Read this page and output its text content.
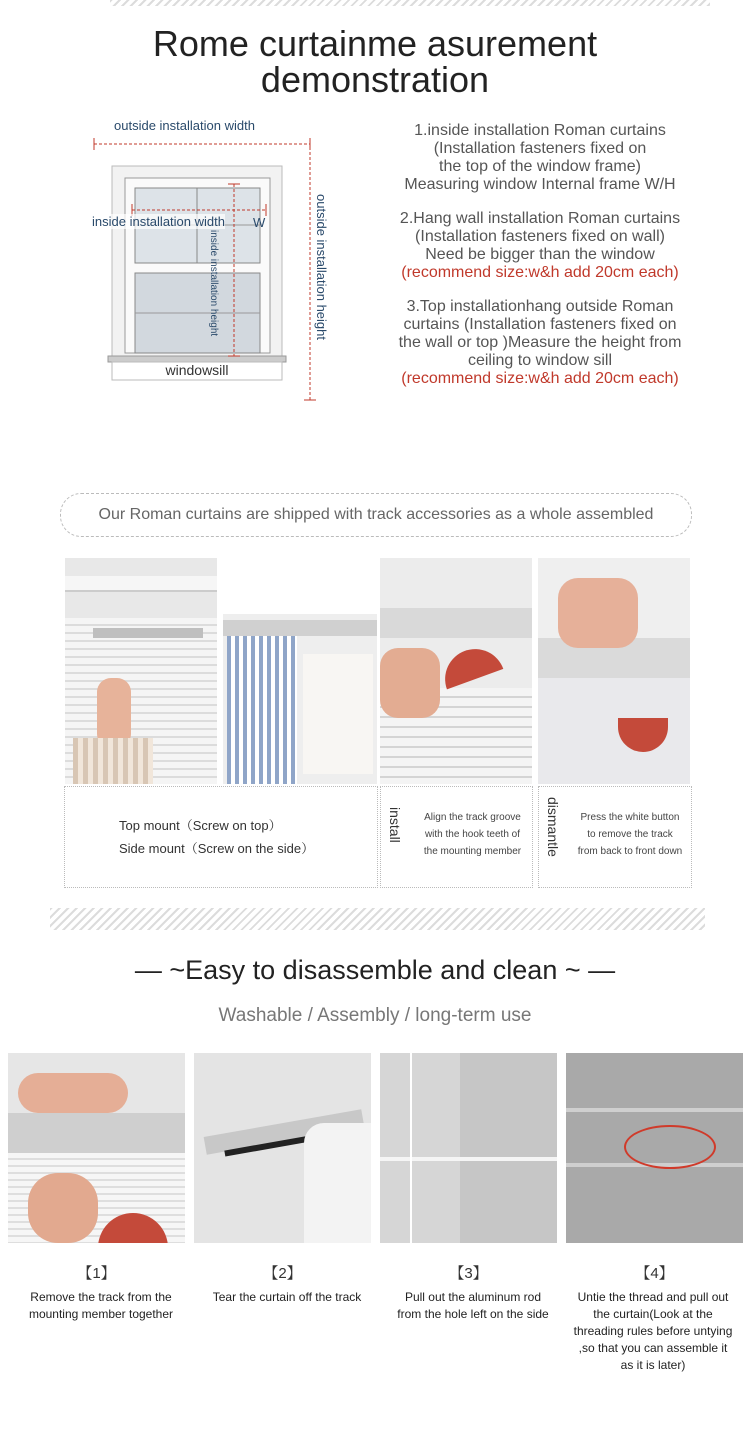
Rome curtainme asurement
demonstration
outside installation width
inside installation width W
inside installation height	outside installation height
windowsill

1.inside installation Roman curtains
(Installation fasteners fixed on
the top of the window frame)
Measuring window Internal frame W/H

2.Hang wall installation Roman curtains
(Installation fasteners fixed on wall)
Need be bigger than the window
(recommend size:w&h add 20cm each)

3.Top installationhang outside Roman
curtains (Installation fasteners fixed on
the wall or top )Measure the height from
ceiling to window sill
(recommend size:w&h add 20cm each)

Our Roman curtains are shipped with track accessories as a whole assembled
Top mount（Screw on top）
Side mount（Screw on the side）
install	Align the track groove
with the hook teeth of
the mounting member	dismantle	Press the white button
to remove the track
from back to front down
— ~Easy to disassemble and clean ~ —
Washable / Assembly / long-term use
【1】
Remove the track from the
mounting member together
【2】
Tear the curtain off the track
【3】
Pull out the aluminum rod
from the hole left on the side
【4】
Untie the thread and pull out
the curtain(Look at the
threading rules before untying
,so that you can assemble it
as it is later)
